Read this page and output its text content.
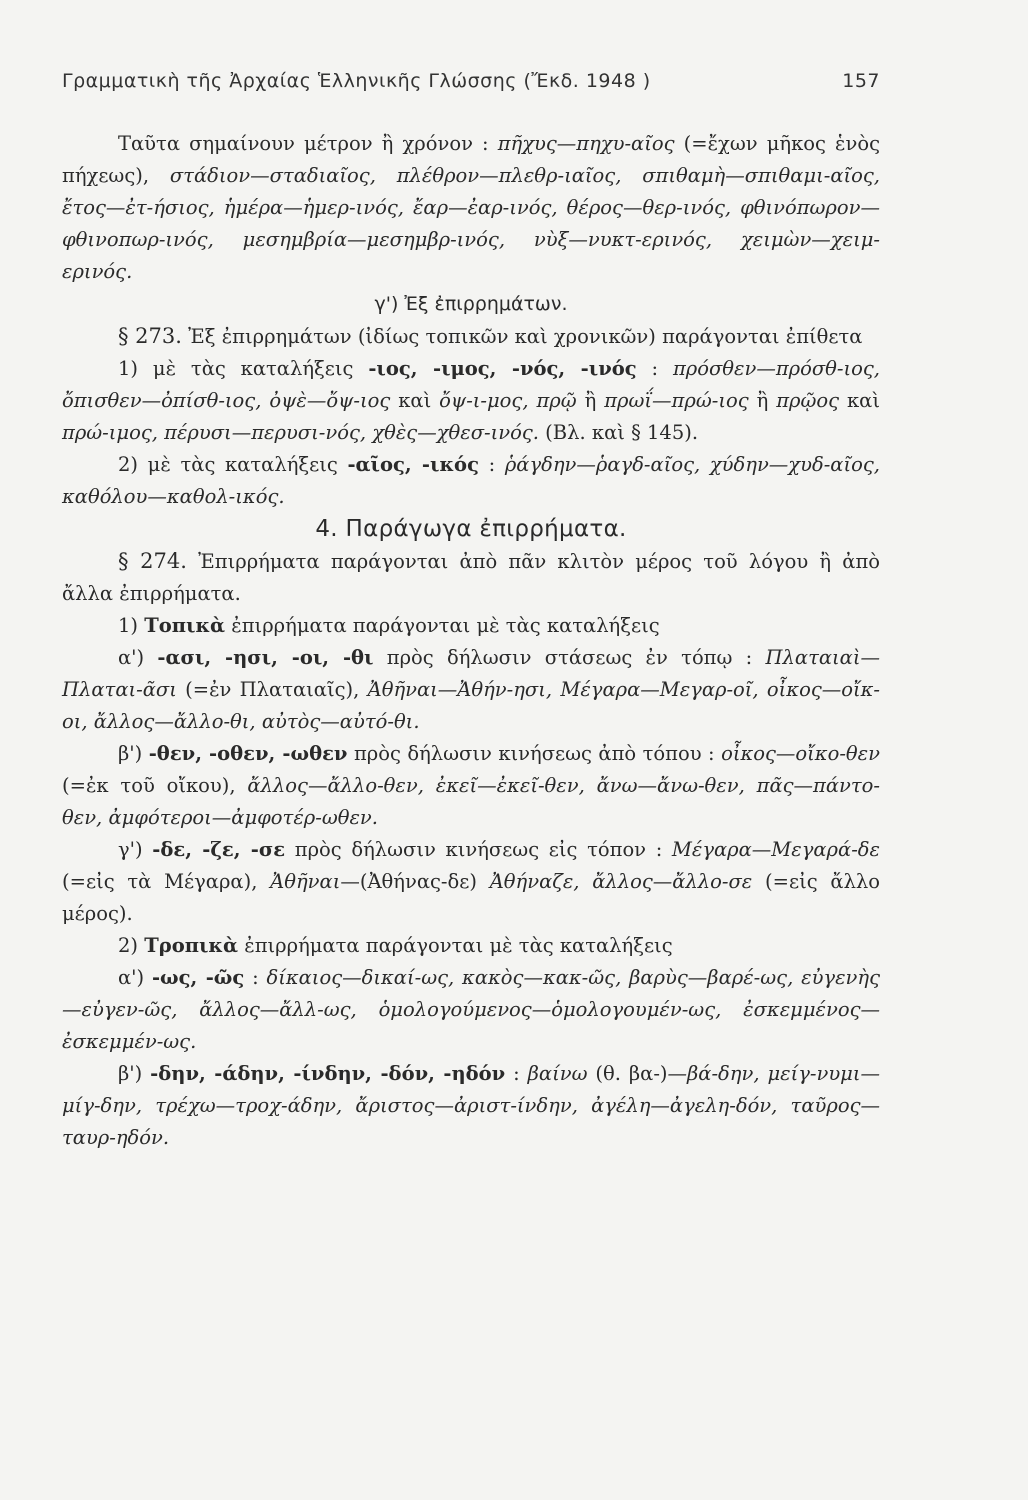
Γραμματικὴ τῆς Ἀρχαίας Ἑλληνικῆς Γλώσσης (Ἔκδ. 1948 )	157

Ταῦτα σημαίνουν μέτρον ἢ χρόνον : πῆχυς—πηχυ-αῖος (=ἔχων μῆκος ἑνὸς πήχεως), στάδιον—σταδιαῖος, πλέθρον—πλεθρ-ιαῖος, σπιθαμὴ—σπιθαμι-αῖος, ἔτος—ἐτ-ήσιος, ἡμέρα—ἡμερ-ινός, ἔαρ—ἐαρ-ινός, θέρος—θερ-ινός, φθινόπωρον—φθινοπωρ-ινός, μεσημβρία—μεσημβρ-ινός, νὺξ—νυκτ-ερινός, χειμὼν—χειμ-ερινός.

γ') Ἐξ ἐπιρρημάτων.

§ 273. Ἐξ ἐπιρρημάτων (ἰδίως τοπικῶν καὶ χρονικῶν) παράγονται ἐπίθετα

1) μὲ τὰς καταλήξεις -ιος, -ιμος, -νός, -ινός : πρόσθεν—πρόσθ-ιος, ὄπισθεν—ὀπίσθ-ιος, ὀψὲ—ὄψ-ιος καὶ ὄψ-ι-μος, πρῷ ἢ πρωΐ—πρώ-ιος ἢ πρῷος καὶ πρώ-ιμος, πέρυσι—περυσι-νός, χθὲς—χθεσ-ινός. (Βλ. καὶ § 145).

2) μὲ τὰς καταλήξεις -αῖος, -ικός : ῥάγδην—ῥαγδ-αῖος, χύδην—χυδ-αῖος, καθόλου—καθολ-ικός.

4. Παράγωγα ἐπιρρήματα.

§ 274. Ἐπιρρήματα παράγονται ἀπὸ πᾶν κλιτὸν μέρος τοῦ λόγου ἢ ἀπὸ ἄλλα ἐπιρρήματα.

1) Τοπικὰ ἐπιρρήματα παράγονται μὲ τὰς καταλήξεις

α') -ασι, -ησι, -οι, -θι πρὸς δήλωσιν στάσεως ἐν τόπῳ : Πλαταιαὶ—Πλαται-ᾶσι (=ἐν Πλαταιαῖς), Ἀθῆναι—Ἀθήν-ησι, Μέγαρα—Μεγαρ-οῖ, οἶκος—οἴκ-οι, ἄλλος—ἄλλο-θι, αὐτὸς—αὐτό-θι.

β') -θεν, -οθεν, -ωθεν πρὸς δήλωσιν κινήσεως ἀπὸ τόπου : οἶκος—οἴκο-θεν (=ἐκ τοῦ οἴκου), ἄλλος—ἄλλο-θεν, ἐκεῖ—ἐκεῖ-θεν, ἄνω—ἄνω-θεν, πᾶς—πάντο-θεν, ἀμφότεροι—ἀμφοτέρ-ωθεν.

γ') -δε, -ζε, -σε πρὸς δήλωσιν κινήσεως εἰς τόπον : Μέγαρα—Μεγαρά-δε (=εἰς τὰ Μέγαρα), Ἀθῆναι—(Ἀθήνας-δε) Ἀθήναζε, ἄλλος—ἄλλο-σε (=εἰς ἄλλο μέρος).

2) Τροπικὰ ἐπιρρήματα παράγονται μὲ τὰς καταλήξεις

α') -ως, -ῶς : δίκαιος—δικαί-ως, κακὸς—κακ-ῶς, βαρὺς—βαρέ-ως, εὐγενὴς—εὐγεν-ῶς, ἄλλος—ἄλλ-ως, ὁμολογούμενος—ὁμολογουμέν-ως, ἐσκεμμένος—ἐσκεμμέν-ως.

β') -δην, -άδην, -ίνδην, -δόν, -ηδόν : βαίνω (θ. βα-)—βά-δην, μείγ-νυμι—μίγ-δην, τρέχω—τροχ-άδην, ἄριστος—ἀριστ-ίνδην, ἀγέλη—ἀγελη-δόν, ταῦρος—ταυρ-ηδόν.
